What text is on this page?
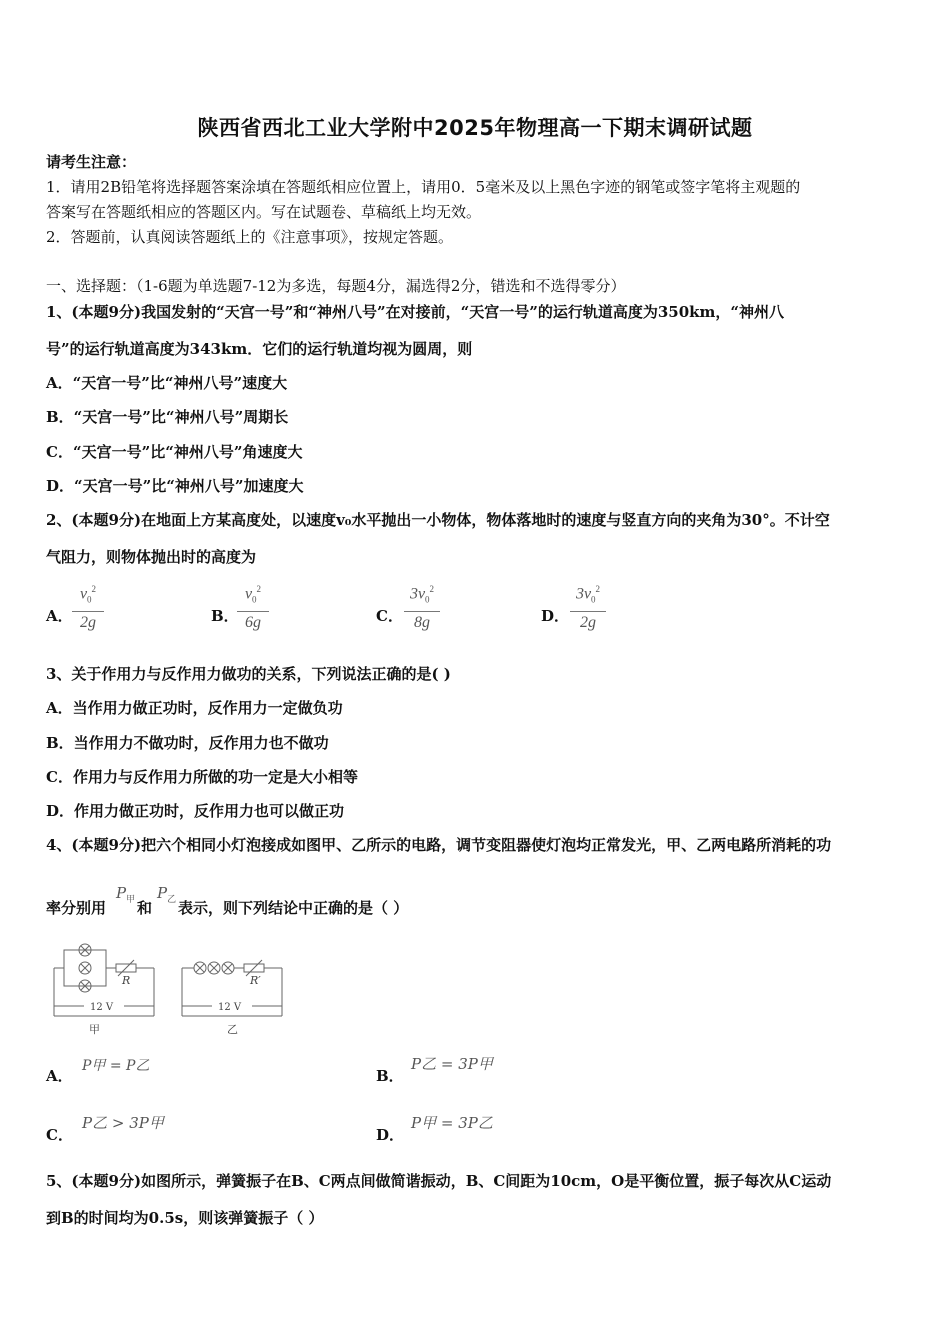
陕西省西北工业大学附中2025年物理高一下期末调研试题
请考生注意：
1．请用2B铅笔将选择题答案涂填在答题纸相应位置上，请用0．5毫米及以上黑色字迹的钢笔或签字笔将主观题的
答案写在答题纸相应的答题区内。写在试题卷、草稿纸上均无效。
2．答题前，认真阅读答题纸上的《注意事项》，按规定答题。
一、选择题：（1-6题为单选题7-12为多选，每题4分，漏选得2分，错选和不选得零分）
1、(本题9分)我国发射的“天宫一号”和“神州八号”在对接前，“天宫一号”的运行轨道高度为350km，“神州八
号”的运行轨道高度为343km．它们的运行轨道均视为圆周，则
A．“天宫一号”比“神州八号”速度大
B．“天宫一号”比“神州八号”周期长
C．“天宫一号”比“神州八号”角速度大
D．“天宫一号”比“神州八号”加速度大
2、(本题9分)在地面上方某高度处，以速度v₀水平抛出一小物体，物体落地时的速度与竖直方向的夹角为30°。不计空
气阻力，则物体抛出时的高度为
A．
$v_0^2$
2g	B．
$v_0^2$
6g	C．
$3v_0^2$
8g	D．
$3v_0^2$
2g
3、关于作用力与反作用力做功的关系，下列说法正确的是( )
A．当作用力做正功时，反作用力一定做负功
B．当作用力不做功时，反作用力也不做功
C．作用力与反作用力所做的功一定是大小相等
D．作用力做正功时，反作用力也可以做正功
4、(本题9分)把六个相同小灯泡接成如图甲、乙所示的电路，调节变阻器使灯泡均正常发光，甲、乙两电路所消耗的功
率分别用
$P_甲$ 和
$P_乙$ 表示，则下列结论中正确的是（ ）
R
12 V
甲
R′
12 V
乙
A．
P甲 = P乙
B．
P乙 = 3P甲
C．
P乙 > 3P甲
D．
P甲 = 3P乙
5、(本题9分)如图所示，弹簧振子在B、C两点间做简谐振动，B、C间距为10cm，O是平衡位置，振子每次从C运动
到B的时间均为0.5s，则该弹簧振子（ ）
